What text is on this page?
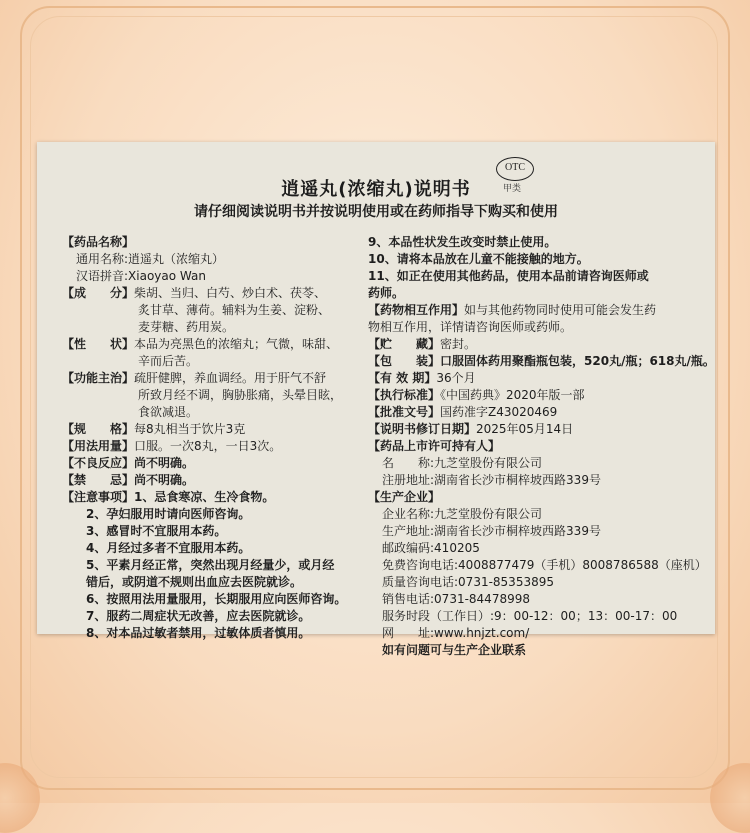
OTC
甲类
逍遥丸(浓缩丸)说明书
请仔细阅读说明书并按说明使用或在药师指导下购买和使用
【药品名称】
通用名称:逍遥丸（浓缩丸）
汉语拼音:Xiaoyao Wan
【成　　分】柴胡、当归、白芍、炒白术、茯苓、
炙甘草、薄荷。辅料为生姜、淀粉、
麦芽糖、药用炭。
【性　　状】本品为亮黑色的浓缩丸；气微，味甜、
辛而后苦。
【功能主治】疏肝健脾，养血调经。用于肝气不舒
所致月经不调，胸胁胀痛，头晕目眩，
食欲减退。
【规　　格】每8丸相当于饮片3克
【用法用量】口服。一次8丸，一日3次。
【不良反应】尚不明确。
【禁　　忌】尚不明确。
【注意事项】1、忌食寒凉、生冷食物。
2、孕妇服用时请向医师咨询。
3、感冒时不宜服用本药。
4、月经过多者不宜服用本药。
5、平素月经正常，突然出现月经量少，或月经
错后，或阴道不规则出血应去医院就诊。
6、按照用法用量服用，长期服用应向医师咨询。
7、服药二周症状无改善，应去医院就诊。
8、对本品过敏者禁用，过敏体质者慎用。
9、本品性状发生改变时禁止使用。
10、请将本品放在儿童不能接触的地方。
11、如正在使用其他药品，使用本品前请咨询医师或
药师。
【药物相互作用】如与其他药物同时使用可能会发生药
物相互作用，详情请咨询医师或药师。
【贮　　藏】密封。
【包　　装】口服固体药用聚酯瓶包装，520丸/瓶；618丸/瓶。
【有 效 期】36个月
【执行标准】《中国药典》2020年版一部
【批准文号】国药准字Z43020469
【说明书修订日期】2025年05月14日
【药品上市许可持有人】
名　　称:九芝堂股份有限公司
注册地址:湖南省长沙市桐梓坡西路339号
【生产企业】
企业名称:九芝堂股份有限公司
生产地址:湖南省长沙市桐梓坡西路339号
邮政编码:410205
免费咨询电话:4008877479（手机）8008786588（座机）
质量咨询电话:0731-85353895
销售电话:0731-84478998
服务时段（工作日）:9：00-12：00；13：00-17：00
网　　址:www.hnjzt.com/
如有问题可与生产企业联系
